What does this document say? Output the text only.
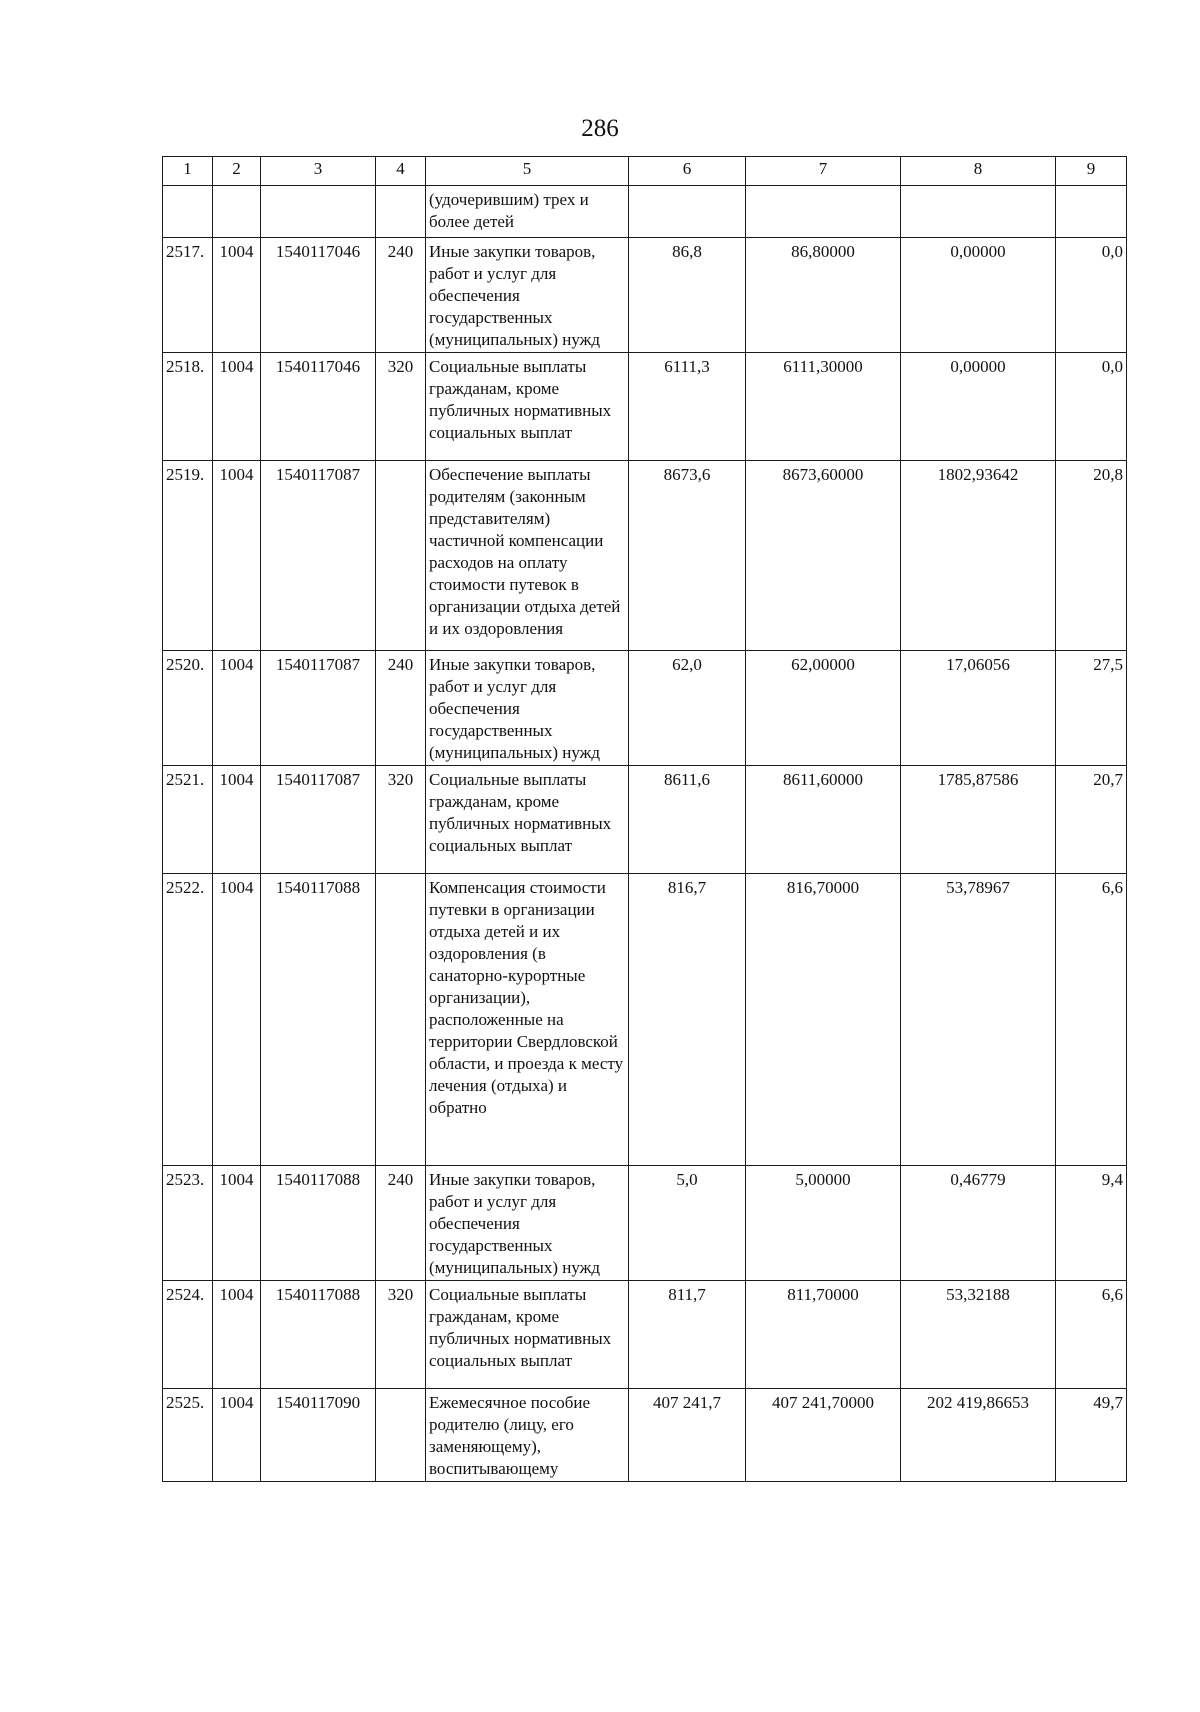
286
1	2	3	4	5	6	7	8	9
				(удочерившим) трех и более детей				
2517.	1004	1540117046	240	Иные закупки товаров, работ и услуг для обеспечения государственных (муниципальных) нужд	86,8	86,80000	0,00000	0,0
2518.	1004	1540117046	320	Социальные выплаты гражданам, кроме публичных нормативных социальных выплат	6111,3	6111,30000	0,00000	0,0
2519.	1004	1540117087		Обеспечение выплаты родителям (законным представителям) частичной компенсации расходов на оплату стоимости путевок в организации отдыха детей и их оздоровления	8673,6	8673,60000	1802,93642	20,8
2520.	1004	1540117087	240	Иные закупки товаров, работ и услуг для обеспечения государственных (муниципальных) нужд	62,0	62,00000	17,06056	27,5
2521.	1004	1540117087	320	Социальные выплаты гражданам, кроме публичных нормативных социальных выплат	8611,6	8611,60000	1785,87586	20,7
2522.	1004	1540117088		Компенсация стоимости путевки в организации отдыха детей и их оздоровления (в санаторно-курортные организации), расположенные на территории Свердловской области, и проезда к месту лечения (отдыха) и обратно	816,7	816,70000	53,78967	6,6
2523.	1004	1540117088	240	Иные закупки товаров, работ и услуг для обеспечения государственных (муниципальных) нужд	5,0	5,00000	0,46779	9,4
2524.	1004	1540117088	320	Социальные выплаты гражданам, кроме публичных нормативных социальных выплат	811,7	811,70000	53,32188	6,6
2525.	1004	1540117090		Ежемесячное пособие родителю (лицу, его заменяющему), воспитывающему	407 241,7	407 241,70000	202 419,86653	49,7
